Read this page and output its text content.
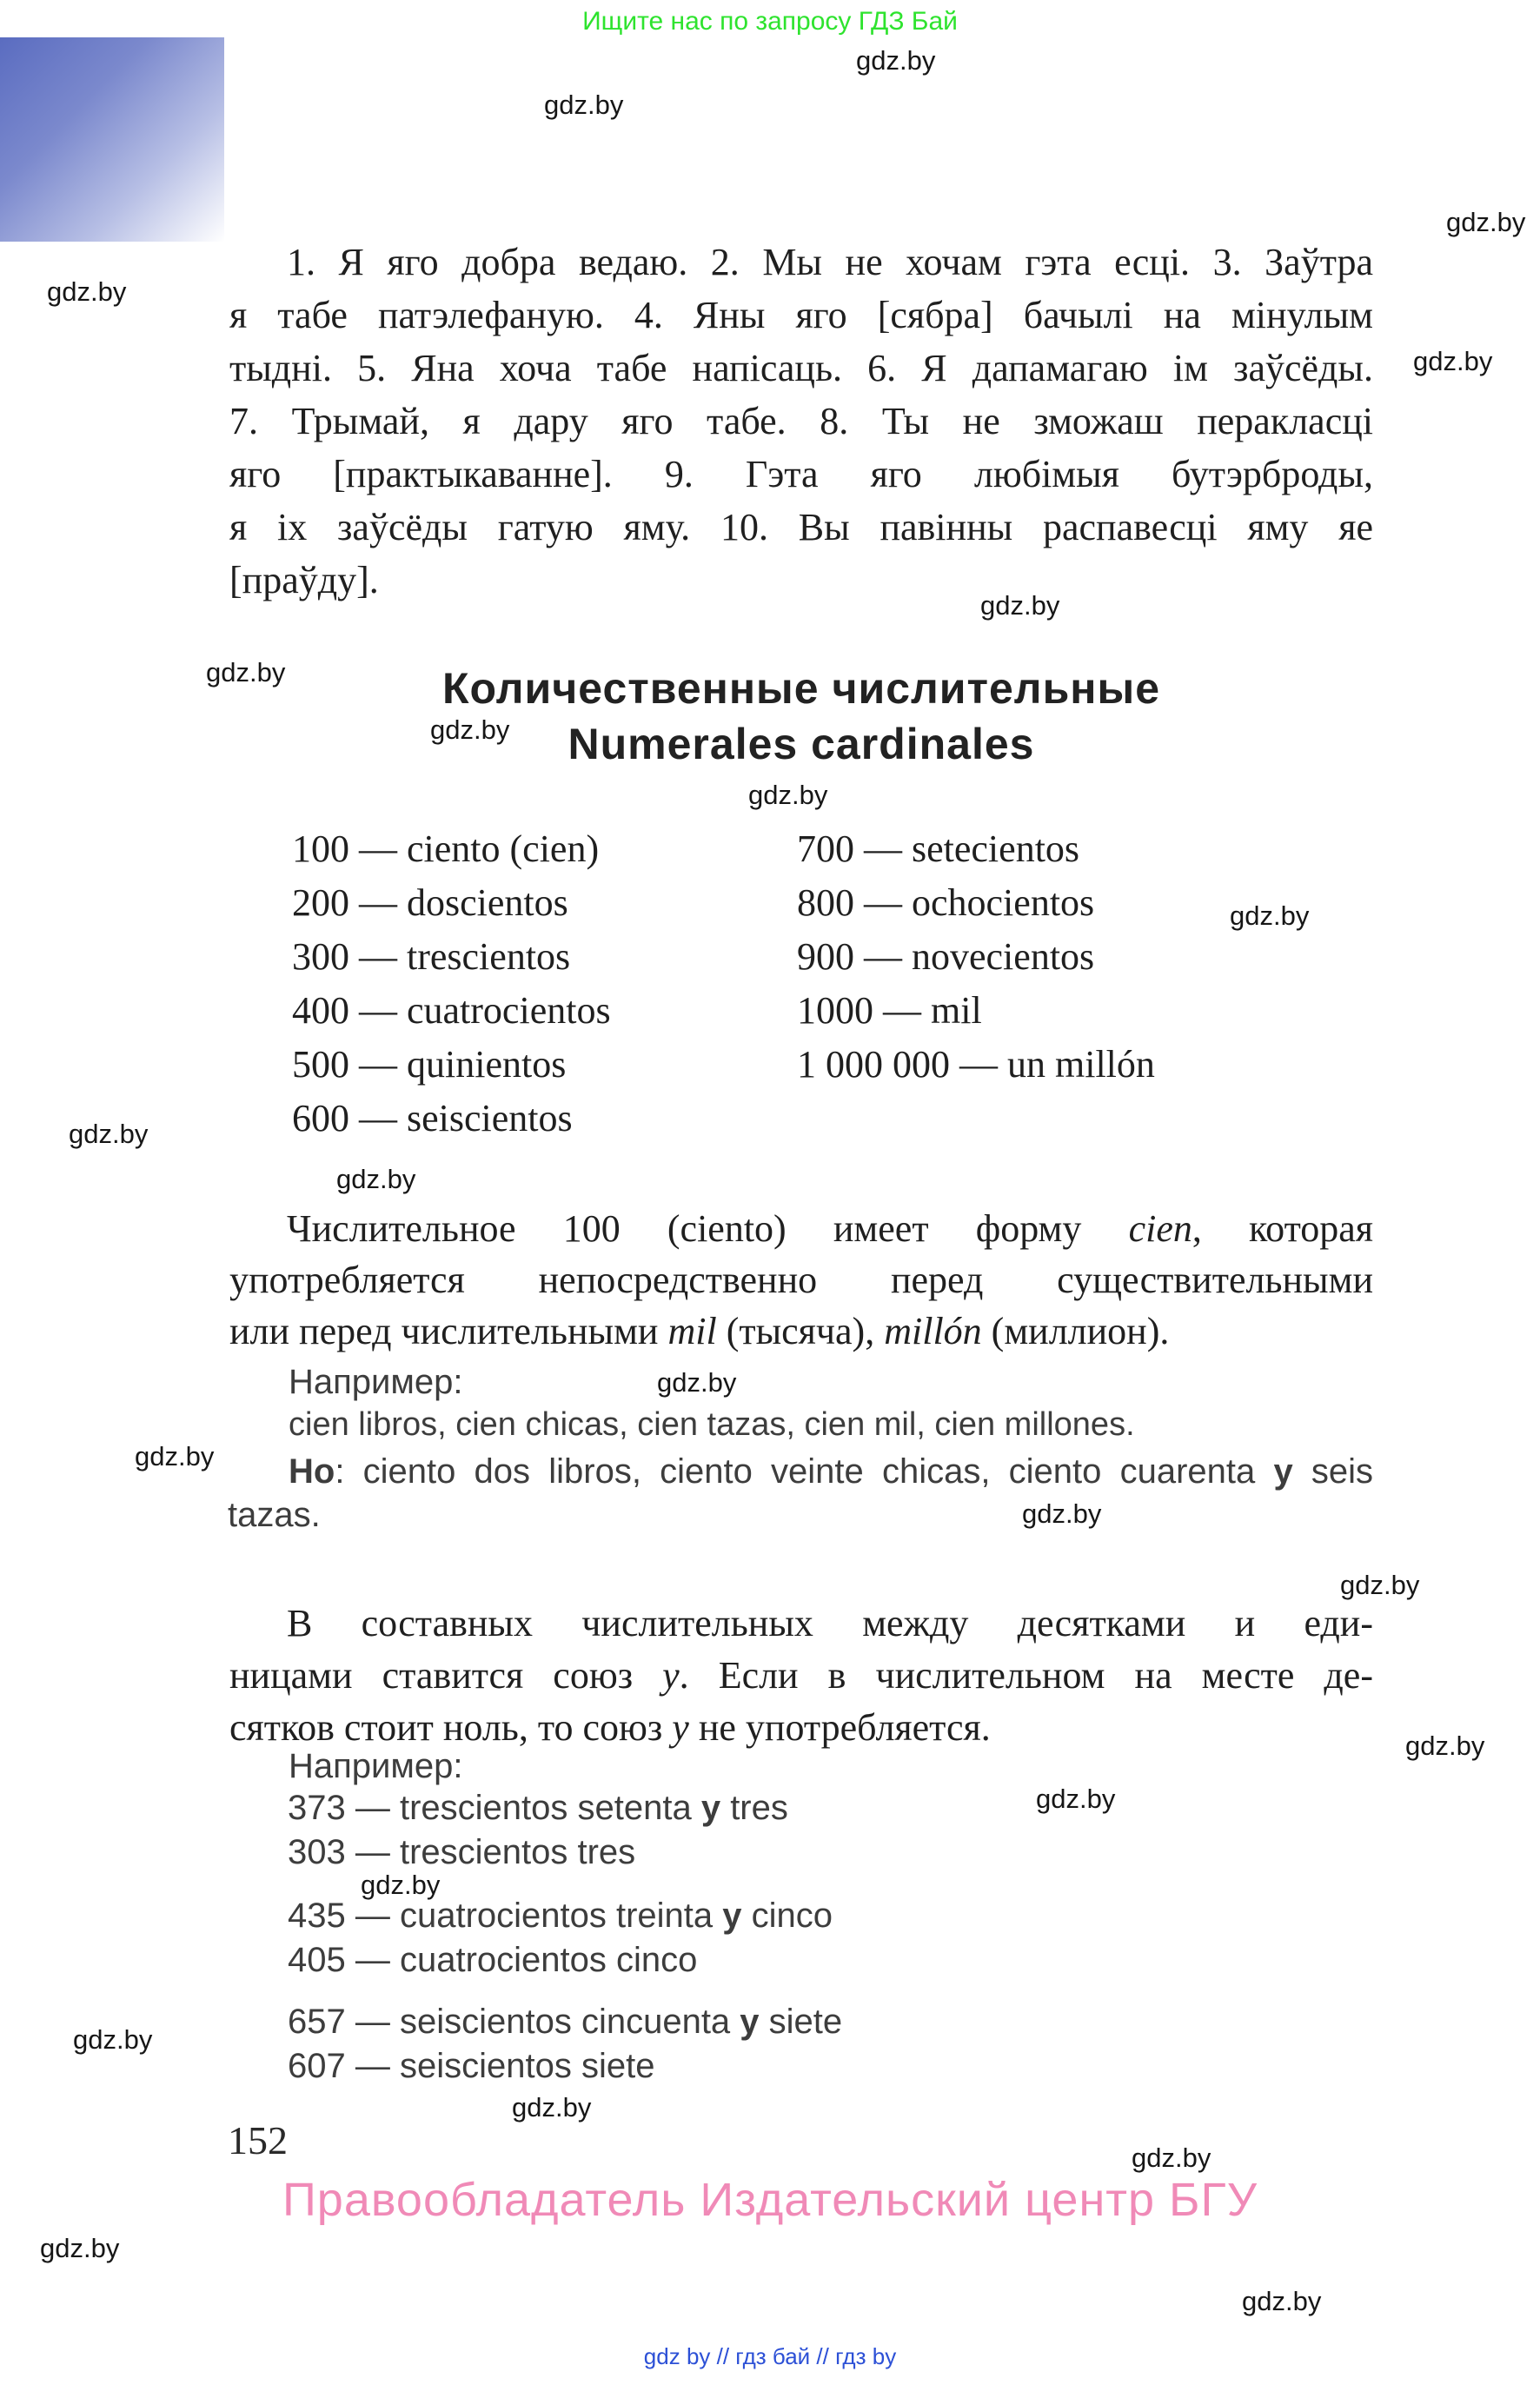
Ищите нас по запросу ГДЗ Бай
gdz.by
gdz.by
gdz.by
gdz.by
gdz.by
gdz.by
gdz.by
gdz.by
gdz.by
gdz.by
gdz.by
gdz.by
gdz.by
gdz.by
gdz.by
gdz.by
gdz.by
gdz.by
gdz.by
gdz.by
gdz.by
gdz.by
gdz.by
gdz.by
1. Я яго добра ведаю. 2. Мы не хочам гэта есці. 3. Заўтра
я табе патэлефаную. 4. Яны яго [сябра] бачылі на мінулым
тыдні. 5. Яна хоча табе напісаць. 6. Я дапамагаю ім заўсёды.
7. Трымай, я дару яго табе. 8. Ты не зможаш перакласці
яго [практыкаванне]. 9. Гэта яго любімыя бутэрброды,
я іх заўсёды гатую яму. 10. Вы павінны распавесці яму яе
[праўду].
Количественные числительные
Numerales cardinales
100 — ciento (cien)
200 — doscientos
300 — trescientos
400 — cuatrocientos
500 — quinientos
600 — seiscientos
700 — setecientos
800 — ochocientos
900 — novecientos
1000 — mil
1 000 000 — un millón
Числительное 100 (ciento) имеет форму cien, которая
употребляется непосредственно перед существительными
или перед числительными mil (тысяча), millón (миллион).
Например:
cien libros, cien chicas, cien tazas, cien mil, cien millones.
Но: ciento dos libros, ciento veinte chicas, ciento cuarenta y seis
tazas.
В составных числительных между десятками и еди-
ницами ставится союз y. Если в числительном на месте де-
сятков стоит ноль, то союз y не употребляется.
Например:
373 — trescientos setenta y tres
303 — trescientos tres
435 — cuatrocientos treinta y cinco
405 — cuatrocientos cinco
657 — seiscientos cincuenta y siete
607 — seiscientos siete
152
Правообладатель Издательский центр БГУ
gdz by // гдз бай // гдз by
